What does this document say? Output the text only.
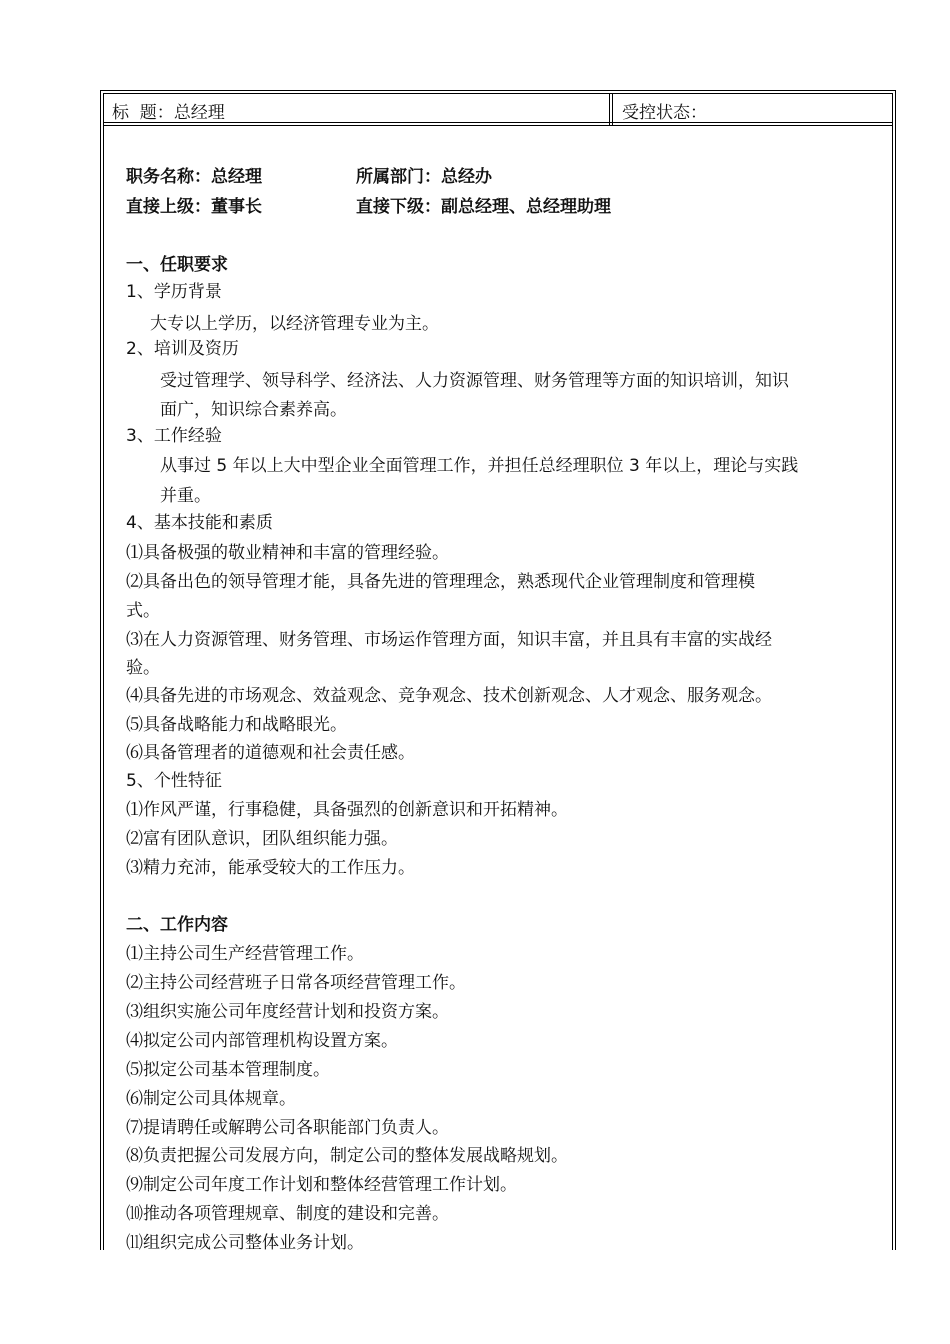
标  题：总经理	受控状态：
职务名称：总经理	所属部门：总经办
直接上级：董事长	直接下级：副总经理、总经理助理
一、任职要求
1、学历背景
大专以上学历，以经济管理专业为主。
2、培训及资历
受过管理学、领导科学、经济法、人力资源管理、财务管理等方面的知识培训，知识
面广，知识综合素养高。
3、工作经验
从事过 5 年以上大中型企业全面管理工作，并担任总经理职位 3 年以上，理论与实践
并重。
4、基本技能和素质
⑴具备极强的敬业精神和丰富的管理经验。
⑵具备出色的领导管理才能，具备先进的管理理念，熟悉现代企业管理制度和管理模
式。
⑶在人力资源管理、财务管理、市场运作管理方面，知识丰富，并且具有丰富的实战经
验。
⑷具备先进的市场观念、效益观念、竞争观念、技术创新观念、人才观念、服务观念。
⑸具备战略能力和战略眼光。
⑹具备管理者的道德观和社会责任感。
5、个性特征
⑴作风严谨，行事稳健，具备强烈的创新意识和开拓精神。
⑵富有团队意识，团队组织能力强。
⑶精力充沛，能承受较大的工作压力。
二、工作内容
⑴主持公司生产经营管理工作。
⑵主持公司经营班子日常各项经营管理工作。
⑶组织实施公司年度经营计划和投资方案。
⑷拟定公司内部管理机构设置方案。
⑸拟定公司基本管理制度。
⑹制定公司具体规章。
⑺提请聘任或解聘公司各职能部门负责人。
⑻负责把握公司发展方向，制定公司的整体发展战略规划。
⑼制定公司年度工作计划和整体经营管理工作计划。
⑽推动各项管理规章、制度的建设和完善。
⑾组织完成公司整体业务计划。
